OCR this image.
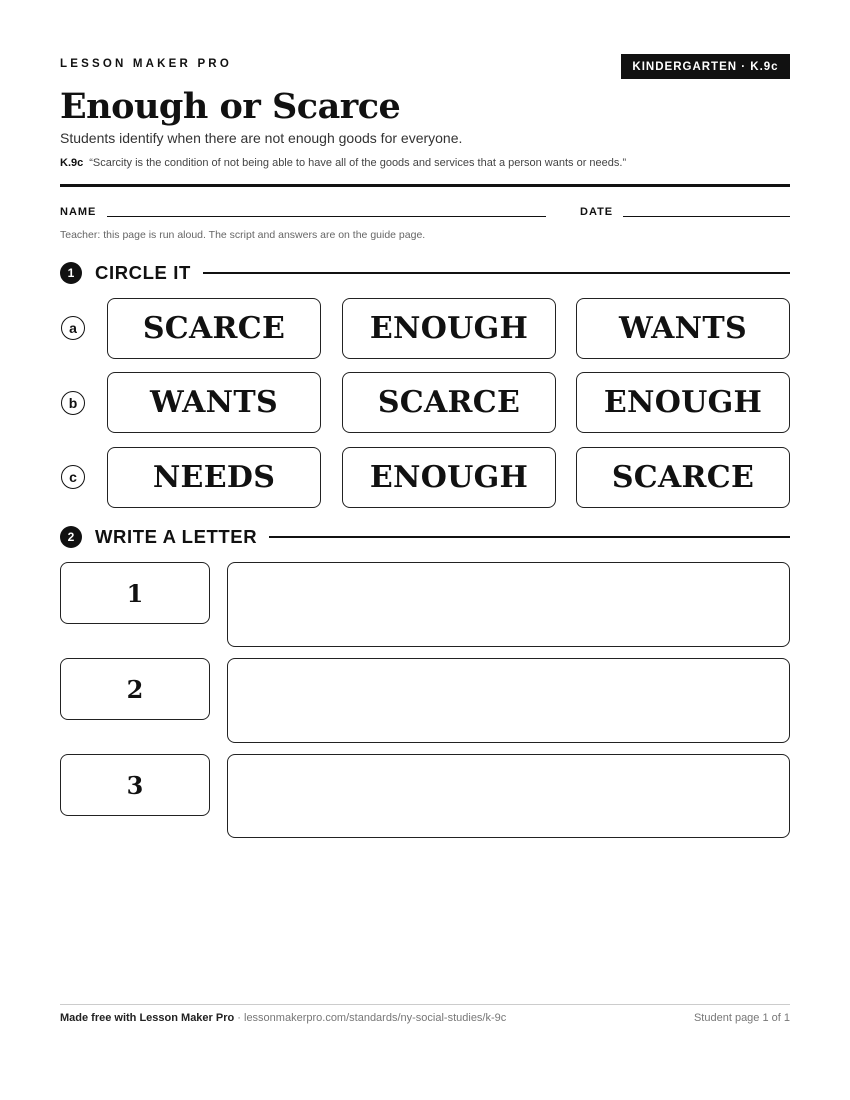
LESSON MAKER PRO	KINDERGARTEN · K.9c
Enough or Scarce
Students identify when there are not enough goods for everyone.
K.9c “Scarcity is the condition of not being able to have all of the goods and services that a person wants or needs.”
NAME	DATE
Teacher: this page is run aloud. The script and answers are on the guide page.
1	CIRCLE IT
a	SCARCE	ENOUGH	WANTS
b	WANTS	SCARCE	ENOUGH
c	NEEDS	ENOUGH	SCARCE
2	WRITE A LETTER
1
2
3
Made free with Lesson Maker Pro · lessonmakerpro.com/standards/ny-social-studies/k-9c	Student page 1 of 1
